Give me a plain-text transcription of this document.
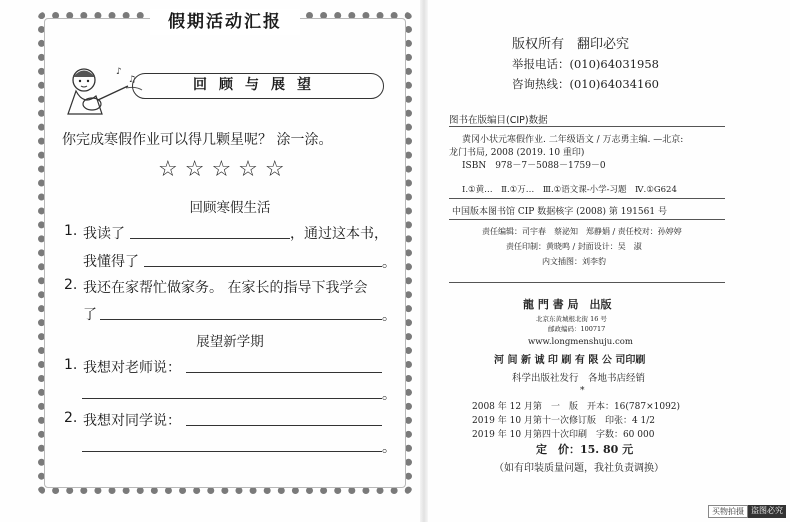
假期活动汇报
♪
♫	回顾与展望
你完成寒假作业可以得几颗星呢？ 涂一涂。
☆☆☆☆☆
回顾寒假生活
1. 我读了	，通过这本书，
我懂得了	。
2. 我还在家帮忙做家务。 在家长的指导下我学会
了	。
展望新学期
1. 我想对老师说：
。
2. 我想对同学说：
。
版权所有　翻印必究
举报电话：(010)64031958
咨询热线：(010)64034160
图书在版编目(CIP)数据
黄冈小状元寒假作业. 二年级语文 / 万志勇主编. —北京:
龙门书局, 2008 (2019. 10 重印)
ISBN　978－7－5088－1759－0
Ⅰ.①黄…　Ⅱ.①万…　Ⅲ.①语文课-小学-习题　Ⅳ.①G624
中国版本图书馆 CIP 数据核字 (2008) 第 191561 号
责任编辑：司宇春　蔡泌知　郑静娟 / 责任校对：孙婷婷
责任印制：黄晓鸣 / 封面设计：吴　淑
内文插图：刘李豹
龍 門 書 局　出版
北京东黄城根北街 16 号
邮政编码：100717
www.longmenshuju.com
河 间 新 诚 印 刷 有 限 公 司印刷
科学出版社发行　各地书店经销
*
2008 年 12 月第　一　版　开本：16(787×1092)
2019 年 10 月第十一次修订版　印张：4 1/2
2019 年 10 月第四十次印刷　字数：60 000
定　价：15. 80 元
（如有印装质量问题，我社负责调换）
买物拍摄 盗图必究
